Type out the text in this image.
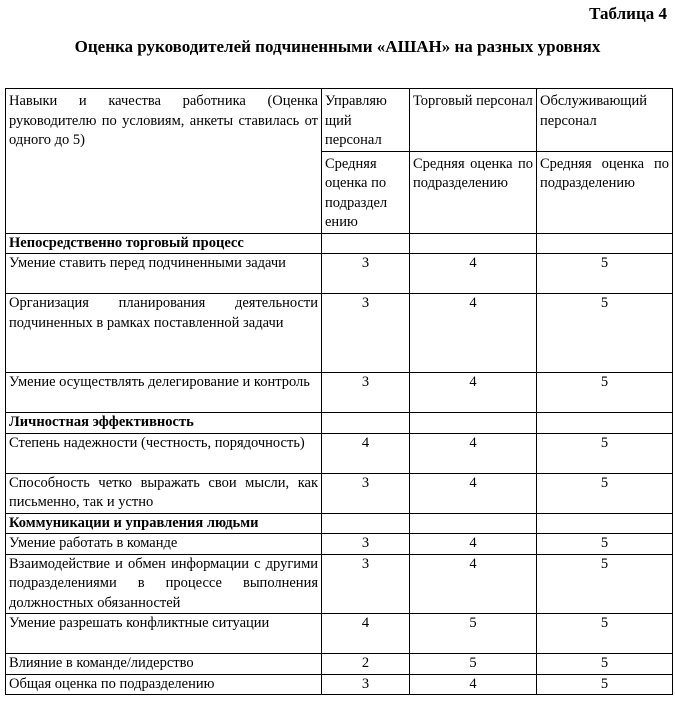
Таблица 4
Оценка руководителей подчиненными «АШАН» на разных уровнях
Навыки и качества работника (Оценка руководителю по условиям, анкеты ставилась от одного до 5)	Управляю щий персонал	Торговый персонал	Обслуживающий персонал
	Средняя оценка по подраздел ению	Средняя оценка по подразделению	Средняя оценка по подразделению
Непосредственно торговый процесс			
Умение ставить перед подчиненными задачи	3	4	5
Организация планирования деятельности подчиненных в рамках поставленной задачи	3	4	5
Умение осуществлять делегирование и контроль	3	4	5
Личностная эффективность			
Степень надежности (честность, порядочность)	4	4	5
Способность четко выражать свои мысли, как письменно, так и устно	3	4	5
Коммуникации и управления людьми			
Умение работать в команде	3	4	5
Взаимодействие и обмен информации с другими подразделениями в процессе выполнения должностных обязанностей	3	4	5
Умение разрешать конфликтные ситуации	4	5	5
Влияние в команде/лидерство	2	5	5
Общая оценка по подразделению	3	4	5
